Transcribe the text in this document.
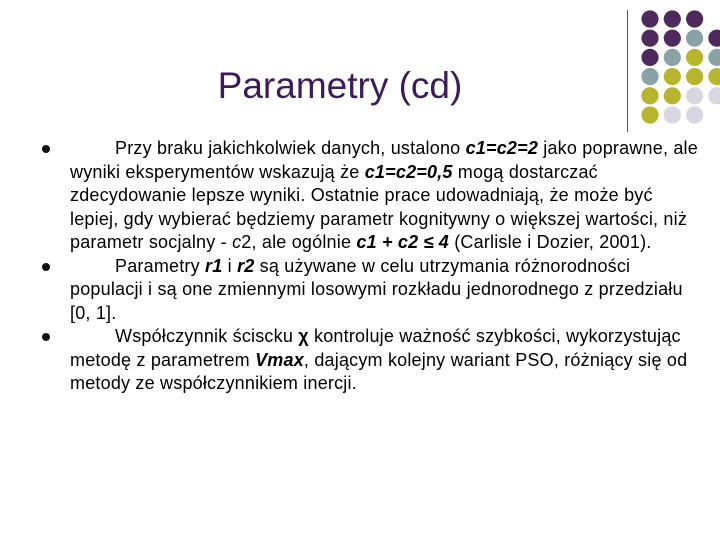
Parametry (cd)
Przy braku jakichkolwiek danych, ustalono c1=c2=2 jako poprawne, ale wyniki eksperymentów wskazują że c1=c2=0,5 mogą dostarczać zdecydowanie lepsze wyniki. Ostatnie prace udowadniają, że może być lepiej, gdy wybierać będziemy parametr kognitywny o większej wartości, niż parametr socjalny - c2, ale ogólnie c1 + c2 ≤ 4 (Carlisle i Dozier, 2001).
Parametry r1 i r2 są używane w celu utrzymania różnorodności populacji i są one zmiennymi losowymi rozkładu jednorodnego z przedziału [0, 1].
Współczynnik ściscku χ kontroluje ważność szybkości, wykorzystując metodę z parametrem Vmax, dającym kolejny wariant PSO, różniący się od metody ze współczynnikiem inercji.
